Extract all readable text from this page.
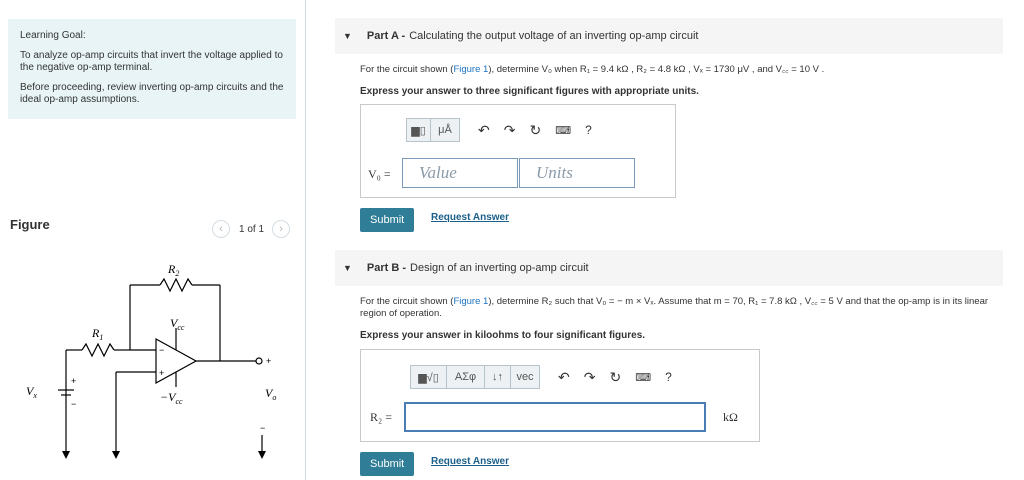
Learning Goal:

To analyze op-amp circuits that invert the voltage applied to the negative op-amp terminal.

Before proceeding, review inverting op-amp circuits and the ideal op-amp assumptions.

Figure	‹	1 of 1	›
$R_2$
$R_1$
$V_{cc}$
$-V_{cc}$
$V_x$	$V_o$
+
−
−
+
+
−
▼ Part A - Calculating the output voltage of an inverting op-amp circuit
For the circuit shown (Figure 1), determine V₀ when R₁ = 9.4 kΩ , R₂ = 4.8 kΩ , Vₓ = 1730 μV , and V꜀꜀ = 10 V .
Express your answer to three significant figures with appropriate units.
▆▯	μÅ	↶ ↷ ↻ ⌨ ?
V₀ =	Value	Units
Submit	Request Answer
▼ Part B - Design of an inverting op-amp circuit
For the circuit shown (Figure 1), determine R₂ such that V₀ = − m × Vₓ. Assume that m = 70, R₁ = 7.8 kΩ , V꜀꜀ = 5 V and that the op-amp is in its linear region of operation.
Express your answer in kiloohms to four significant figures.
▆√▯	ΑΣφ	↓↑	vec	↶ ↷ ↻ ⌨ ?
R₂ =	kΩ
Submit	Request Answer
